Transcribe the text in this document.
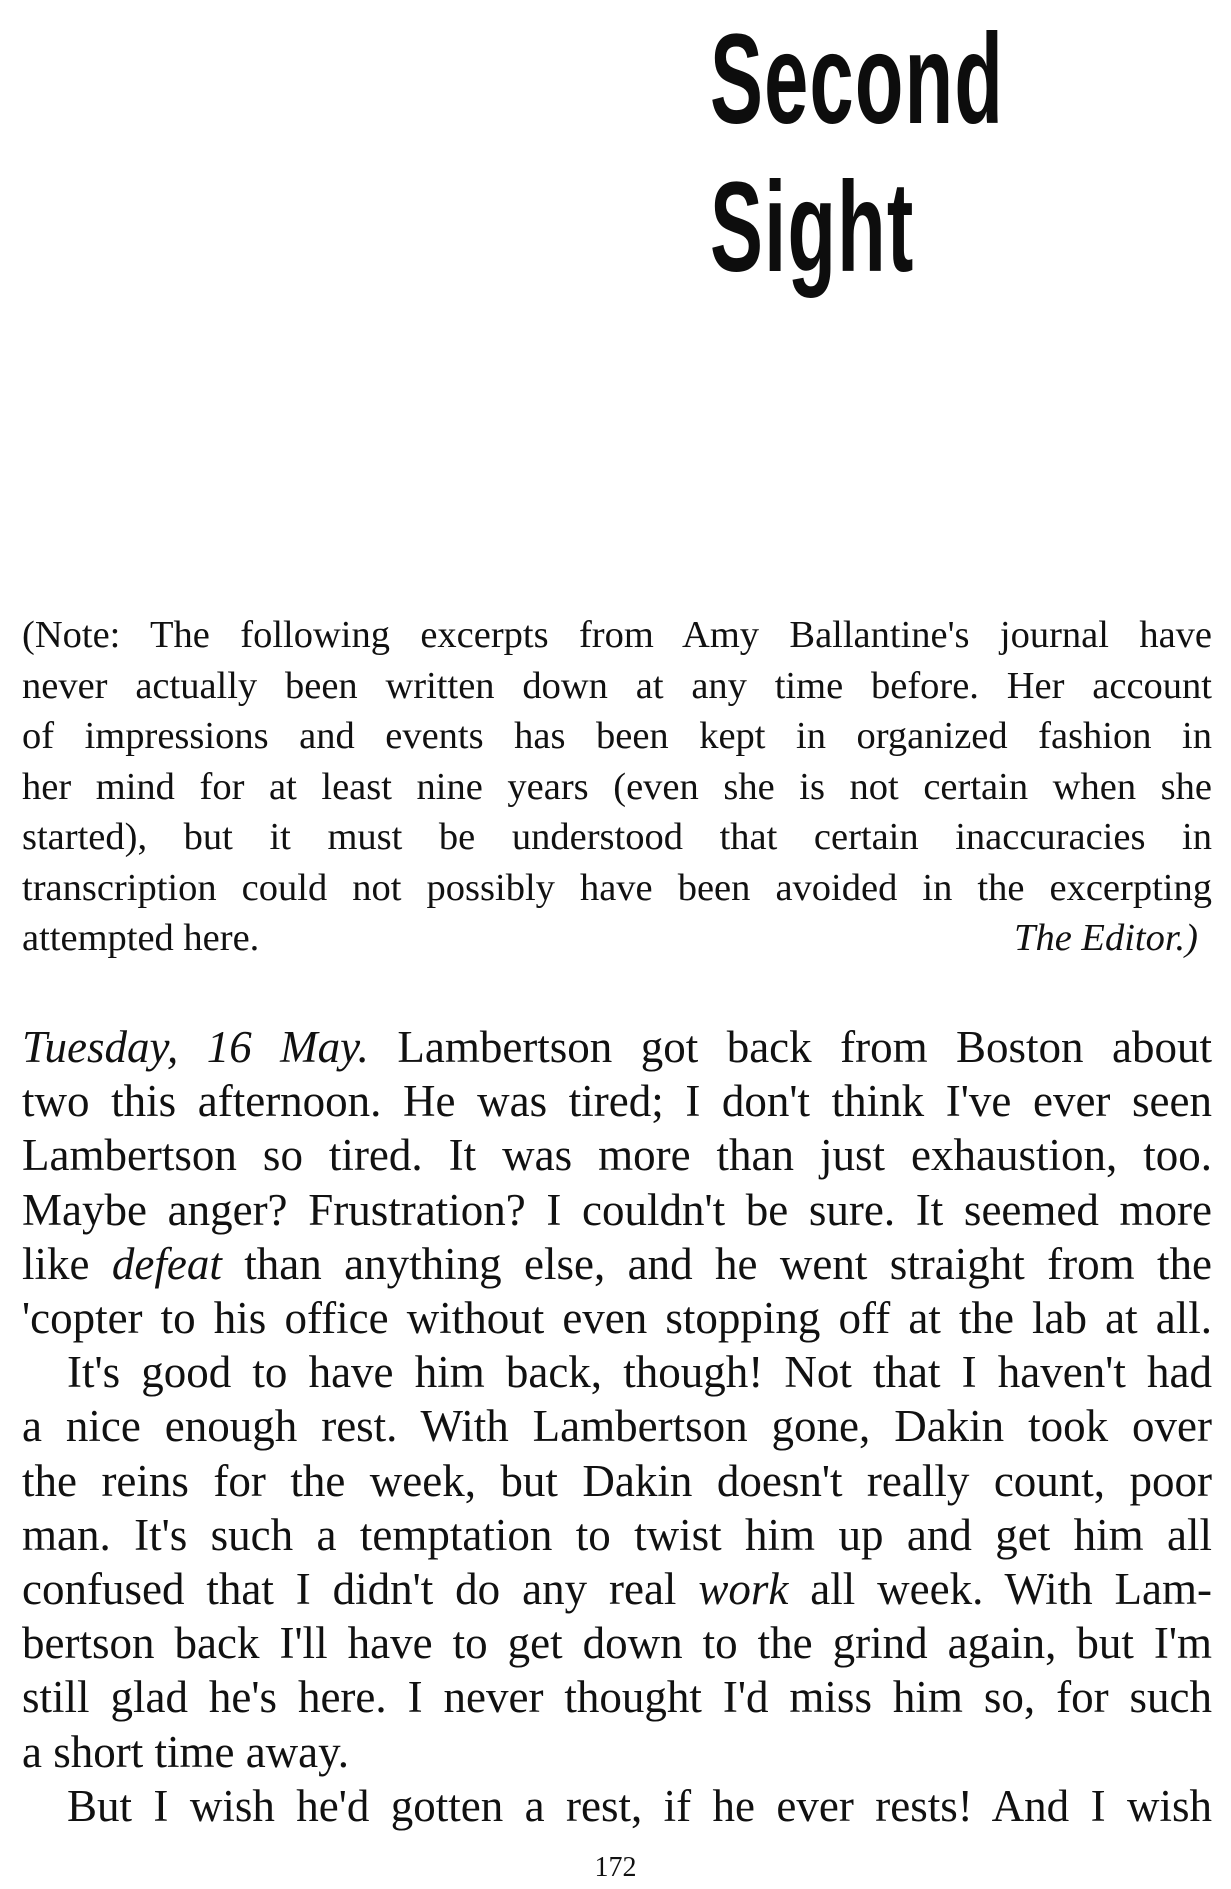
Second
Sight
(Note: The following excerpts from Amy Ballantine's journal have
never actually been written down at any time before. Her account
of impressions and events has been kept in organized fashion in
her mind for at least nine years (even she is not certain when she
started), but it must be understood that certain inaccuracies in
transcription could not possibly have been avoided in the excerpting
attempted here.	The Editor.)
Tuesday, 16 May. Lambertson got back from Boston about
two this afternoon. He was tired; I don't think I've ever seen
Lambertson so tired. It was more than just exhaustion, too.
Maybe anger? Frustration? I couldn't be sure. It seemed more
like defeat than anything else, and he went straight from the
'copter to his office without even stopping off at the lab at all.
It's good to have him back, though! Not that I haven't had
a nice enough rest. With Lambertson gone, Dakin took over
the reins for the week, but Dakin doesn't really count, poor
man. It's such a temptation to twist him up and get him all
confused that I didn't do any real work all week. With Lam-
bertson back I'll have to get down to the grind again, but I'm
still glad he's here. I never thought I'd miss him so, for such
a short time away.
But I wish he'd gotten a rest, if he ever rests! And I wish
172
